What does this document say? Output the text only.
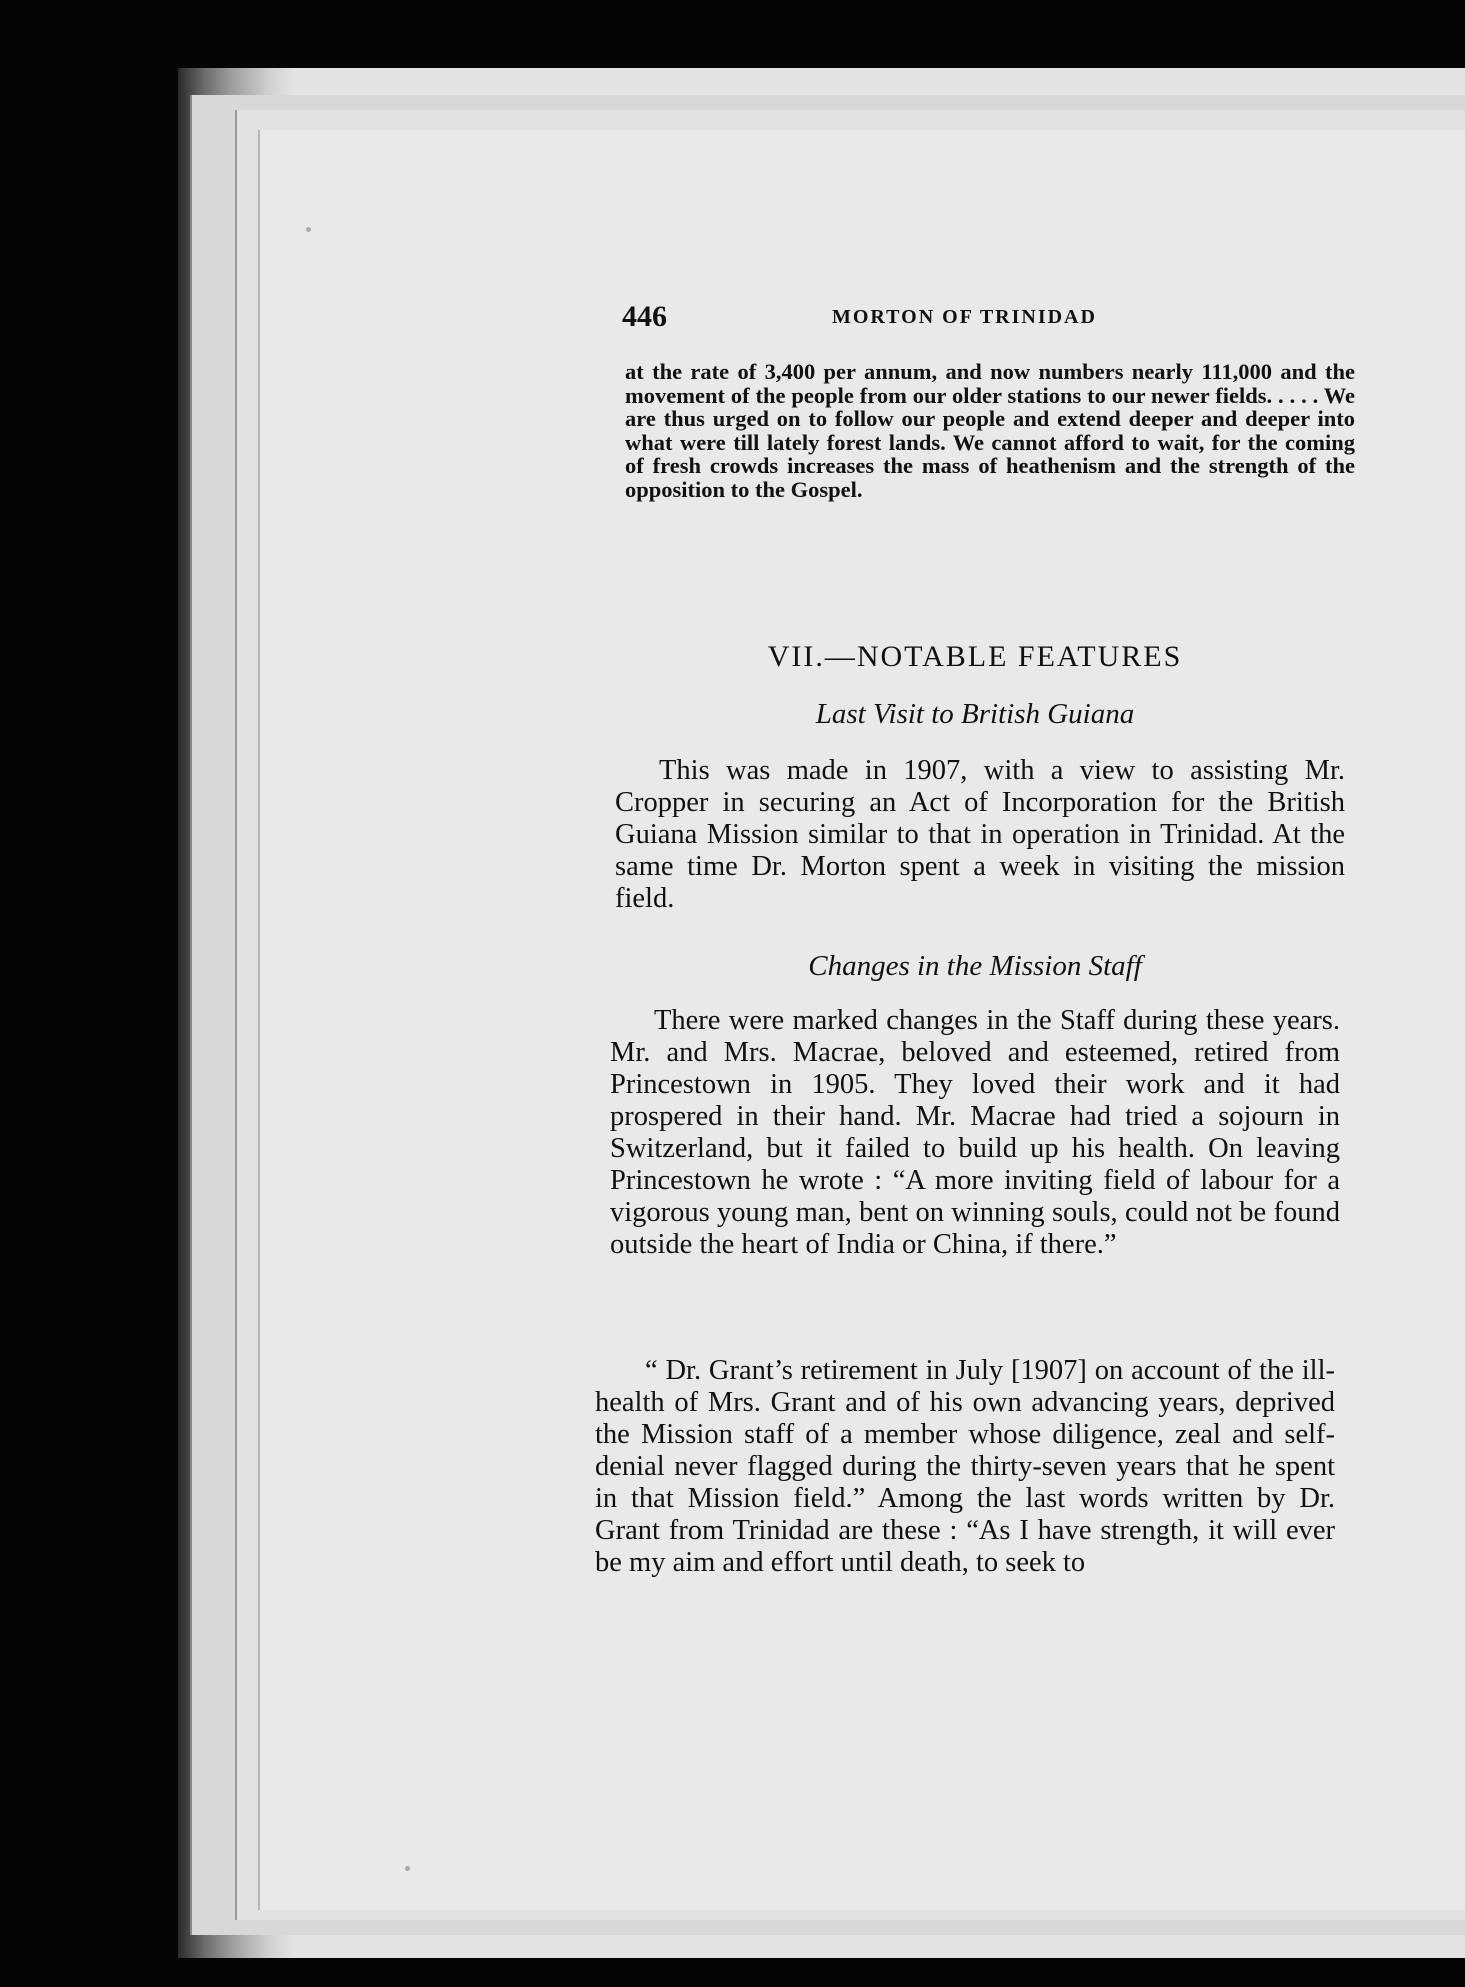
446	MORTON OF TRINIDAD

at the rate of 3,400 per annum, and now numbers nearly 111,000 and the movement of the people from our older stations to our newer fields. . . . . We are thus urged on to follow our people and extend deeper and deeper into what were till lately forest lands. We cannot afford to wait, for the coming of fresh crowds increases the mass of heathenism and the strength of the opposition to the Gospel.

VII.—NOTABLE FEATURES
Last Visit to British Guiana

This was made in 1907, with a view to assisting Mr. Cropper in securing an Act of Incorporation for the British Guiana Mission similar to that in operation in Trinidad. At the same time Dr. Morton spent a week in visiting the mission field.

Changes in the Mission Staff

There were marked changes in the Staff during these years. Mr. and Mrs. Macrae, beloved and esteemed, retired from Princestown in 1905. They loved their work and it had prospered in their hand. Mr. Macrae had tried a sojourn in Switzerland, but it failed to build up his health. On leaving Princestown he wrote : “A more inviting field of labour for a vigorous young man, bent on winning souls, could not be found outside the heart of India or China, if there.”

“ Dr. Grant’s retirement in July [1907] on account of the ill-health of Mrs. Grant and of his own advancing years, deprived the Mission staff of a member whose diligence, zeal and self-denial never flagged during the thirty-seven years that he spent in that Mission field.” Among the last words written by Dr. Grant from Trinidad are these : “As I have strength, it will ever be my aim and effort until death, to seek to
